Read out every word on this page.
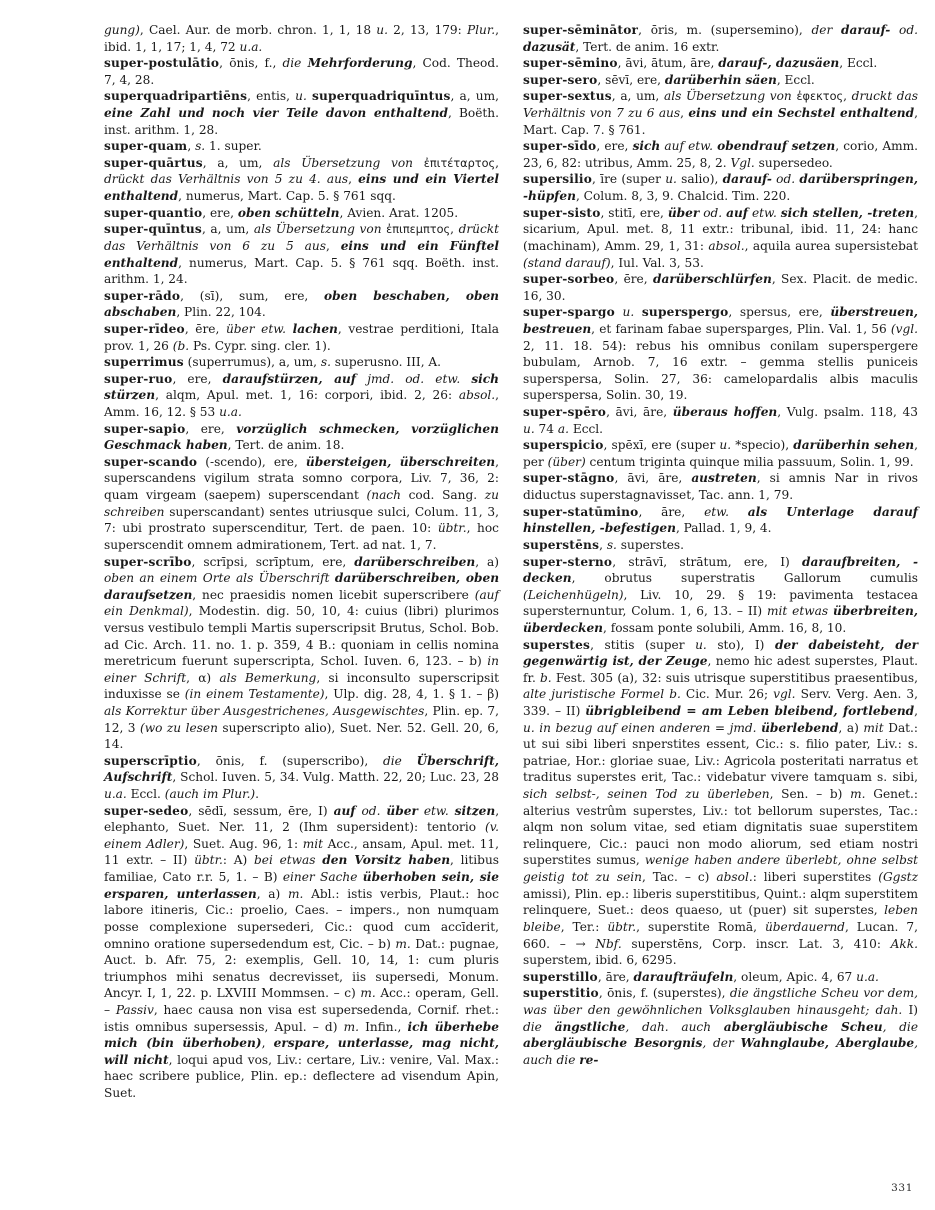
gung), Cael. Aur. de morb. chron. 1, 1, 18 u. 2, 13, 179: Plur., ibid. 1, 1, 17; 1, 4, 72 u.a.

super-postulātio, ōnis, f., die Mehrforderung, Cod. Theod. 7, 4, 28.

superquadripartiēns, entis, u. superquadriquīntus, a, um, eine Zahl und noch vier Teile davon enthaltend, Boëth. inst. arithm. 1, 28.

super-quam, s. 1. super.

super-quārtus, a, um, als Übersetzung von ἐπιτέταρτος, drückt das Verhältnis von 5 zu 4. aus, eins und ein Viertel enthaltend, numerus, Mart. Cap. 5. § 761 sqq.

super-quantio, ere, oben schütteln, Avien. Arat. 1205.

super-quīntus, a, um, als Übersetzung von ἐπιπεμπτος, drückt das Verhältnis von 6 zu 5 aus, eins und ein Fünftel enthaltend, numerus, Mart. Cap. 5. § 761 sqq. Boëth. inst. arithm. 1, 24.

super-rādo, (sī), sum, ere, oben beschaben, oben abschaben, Plin. 22, 104.

super-rīdeo, ēre, über etw. lachen, vestrae perditioni, Itala prov. 1, 26 (b. Ps. Cypr. sing. cler. 1).

superrimus (superrumus), a, um, s. superusno. III, A.

super-ruo, ere, daraufstürzen, auf jmd. od. etw. sich stürzen, alqm, Apul. met. 1, 16: corpori, ibid. 2, 26: absol., Amm. 16, 12. § 53 u.a.

super-sapio, ere, vorzüglich schmecken, vorzüglichen Geschmack haben, Tert. de anim. 18.

super-scando (-scendo), ere, übersteigen, überschreiten, superscandens vigilum strata somno corpora, Liv. 7, 36, 2: quam virgeam (saepem) superscendant (nach cod. Sang. zu schreiben superscandant) sentes utriusque sulci, Colum. 11, 3, 7: ubi prostrato superscenditur, Tert. de paen. 10: übtr., hoc superscendit omnem admirationem, Tert. ad nat. 1, 7.

super-scrībo, scrīpsi, scrīptum, ere, darüberschreiben, a) oben an einem Orte als Überschrift darüberschreiben, oben daraufsetzen, nec praesidis nomen licebit superscribere (auf ein Denkmal), Modestin. dig. 50, 10, 4: cuius (libri) plurimos versus vestibulo templi Martis superscripsit Brutus, Schol. Bob. ad Cic. Arch. 11. no. 1. p. 359, 4 B.: quoniam in cellis nomina meretricum fuerunt superscripta, Schol. Iuven. 6, 123. – b) in einer Schrift, α) als Bemerkung, si inconsulto superscripsit induxisse se (in einem Testamente), Ulp. dig. 28, 4, 1. § 1. – β) als Korrektur über Ausgestrichenes, Ausgewischtes, Plin. ep. 7, 12, 3 (wo zu lesen superscripto alio), Suet. Ner. 52. Gell. 20, 6, 14.

superscrīptio, ōnis, f. (superscribo), die Überschrift, Aufschrift, Schol. Iuven. 5, 34. Vulg. Matth. 22, 20; Luc. 23, 28 u.a. Eccl. (auch im Plur.).

super-sedeo, sēdī, sessum, ēre, I) auf od. über etw. sitzen, elephanto, Suet. Ner. 11, 2 (Ihm supersident): tentorio (v. einem Adler), Suet. Aug. 96, 1: mit Acc., ansam, Apul. met. 11, 11 extr. – II) übtr.: A) bei etwas den Vorsitz haben, litibus familiae, Cato r.r. 5, 1. – B) einer Sache überhoben sein, sie ersparen, unterlassen, a) m. Abl.: istis verbis, Plaut.: hoc labore itineris, Cic.: proelio, Caes. – impers., non numquam posse complexione supersederi, Cic.: quod cum accīderit, omnino oratione supersedendum est, Cic. – b) m. Dat.: pugnae, Auct. b. Afr. 75, 2: exemplis, Gell. 10, 14, 1: cum pluris triumphos mihi senatus decrevisset, iis supersedi, Monum. Ancyr. I, 1, 22. p. LXVIII Mommsen. – c) m. Acc.: operam, Gell. – Passiv, haec causa non visa est supersedenda, Cornif. rhet.: istis omnibus supersessis, Apul. – d) m. Infin., ich überhebe mich (bin überhoben), erspare, unterlasse, mag nicht, will nicht, loqui apud vos, Liv.: certare, Liv.: venire, Val. Max.: haec scribere publice, Plin. ep.: deflectere ad visendum Apin, Suet.

super-sēminātor, ōris, m. (supersemino), der darauf- od. dazusät, Tert. de anim. 16 extr.

super-sēmino, āvi, ātum, āre, darauf-, dazusäen, Eccl.

super-sero, sēvī, ere, darüberhin säen, Eccl.

super-sextus, a, um, als Übersetzung von ἐφεκτος, druckt das Verhältnis von 7 zu 6 aus, eins und ein Sechstel enthaltend, Mart. Cap. 7. § 761.

super-sīdo, ere, sich auf etw. obendrauf setzen, corio, Amm. 23, 6, 82: utribus, Amm. 25, 8, 2. Vgl. supersedeo.

supersilio, īre (super u. salio), darauf- od. darüberspringen, -hüpfen, Colum. 8, 3, 9. Chalcid. Tim. 220.

super-sisto, stitī, ere, über od. auf etw. sich stellen, -treten, sicarium, Apul. met. 8, 11 extr.: tribunal, ibid. 11, 24: hanc (machinam), Amm. 29, 1, 31: absol., aquila aurea supersistebat (stand darauf), Iul. Val. 3, 53.

super-sorbeo, ēre, darüberschlürfen, Sex. Placit. de medic. 16, 30.

super-spargo u. superspergo, spersus, ere, überstreuen, bestreuen, et farinam fabae supersparges, Plin. Val. 1, 56 (vgl. 2, 11. 18. 54): rebus his omnibus conilam superspergere bubulam, Arnob. 7, 16 extr. – gemma stellis puniceis superspersa, Solin. 27, 36: camelopardalis albis maculis superspersa, Solin. 30, 19.

super-spēro, āvi, āre, überaus hoffen, Vulg. psalm. 118, 43 u. 74 a. Eccl.

superspicio, spēxī, ere (super u. *specio), darüberhin sehen, per (über) centum triginta quinque milia passuum, Solin. 1, 99.

super-stāgno, āvi, āre, austreten, si amnis Nar in rivos diductus superstagnavisset, Tac. ann. 1, 79.

super-statūmino, āre, etw. als Unterlage darauf hinstellen, -befestigen, Pallad. 1, 9, 4.

superstēns, s. superstes.

super-sterno, strāvī, strātum, ere, I) daraufbreiten, -decken, obrutus superstratis Gallorum cumulis (Leichenhügeln), Liv. 10, 29. § 19: pavimenta testacea supersternuntur, Colum. 1, 6, 13. – II) mit etwas überbreiten, überdecken, fossam ponte solubili, Amm. 16, 8, 10.

superstes, stitis (super u. sto), I) der dabeisteht, der gegenwärtig ist, der Zeuge, nemo hic adest superstes, Plaut. fr. b. Fest. 305 (a), 32: suis utrisque superstitibus praesentibus, alte juristische Formel b. Cic. Mur. 26; vgl. Serv. Verg. Aen. 3, 339. – II) übrigbleibend = am Leben bleibend, fortlebend, u. in bezug auf einen anderen = jmd. überlebend, a) mit Dat.: ut sui sibi liberi snperstites essent, Cic.: s. filio pater, Liv.: s. patriae, Hor.: gloriae suae, Liv.: Agricola posteritati narratus et traditus superstes erit, Tac.: videbatur vivere tamquam s. sibi, sich selbst-, seinen Tod zu überleben, Sen. – b) m. Genet.: alterius vestrûm superstes, Liv.: tot bellorum superstes, Tac.: alqm non solum vitae, sed etiam dignitatis suae superstitem relinquere, Cic.: pauci non modo aliorum, sed etiam nostri superstites sumus, wenige haben andere überlebt, ohne selbst geistig tot zu sein, Tac. – c) absol.: liberi superstites (Ggstz amissi), Plin. ep.: liberis superstitibus, Quint.: alqm superstitem relinquere, Suet.: deos quaeso, ut (puer) sit superstes, leben bleibe, Ter.: übtr., superstite Romā, überdauernd, Lucan. 7, 660. – → Nbf. superstēns, Corp. inscr. Lat. 3, 410: Akk. superstem, ibid. 6, 6295.

superstillo, āre, daraufträufeln, oleum, Apic. 4, 67 u.a.

superstitio, ōnis, f. (superstes), die ängstliche Scheu vor dem, was über den gewöhnlichen Volksglauben hinausgeht; dah. I) die ängstliche, dah. auch abergläubische Scheu, die abergläubische Besorgnis, der Wahnglaube, Aberglaube, auch die re-

331
